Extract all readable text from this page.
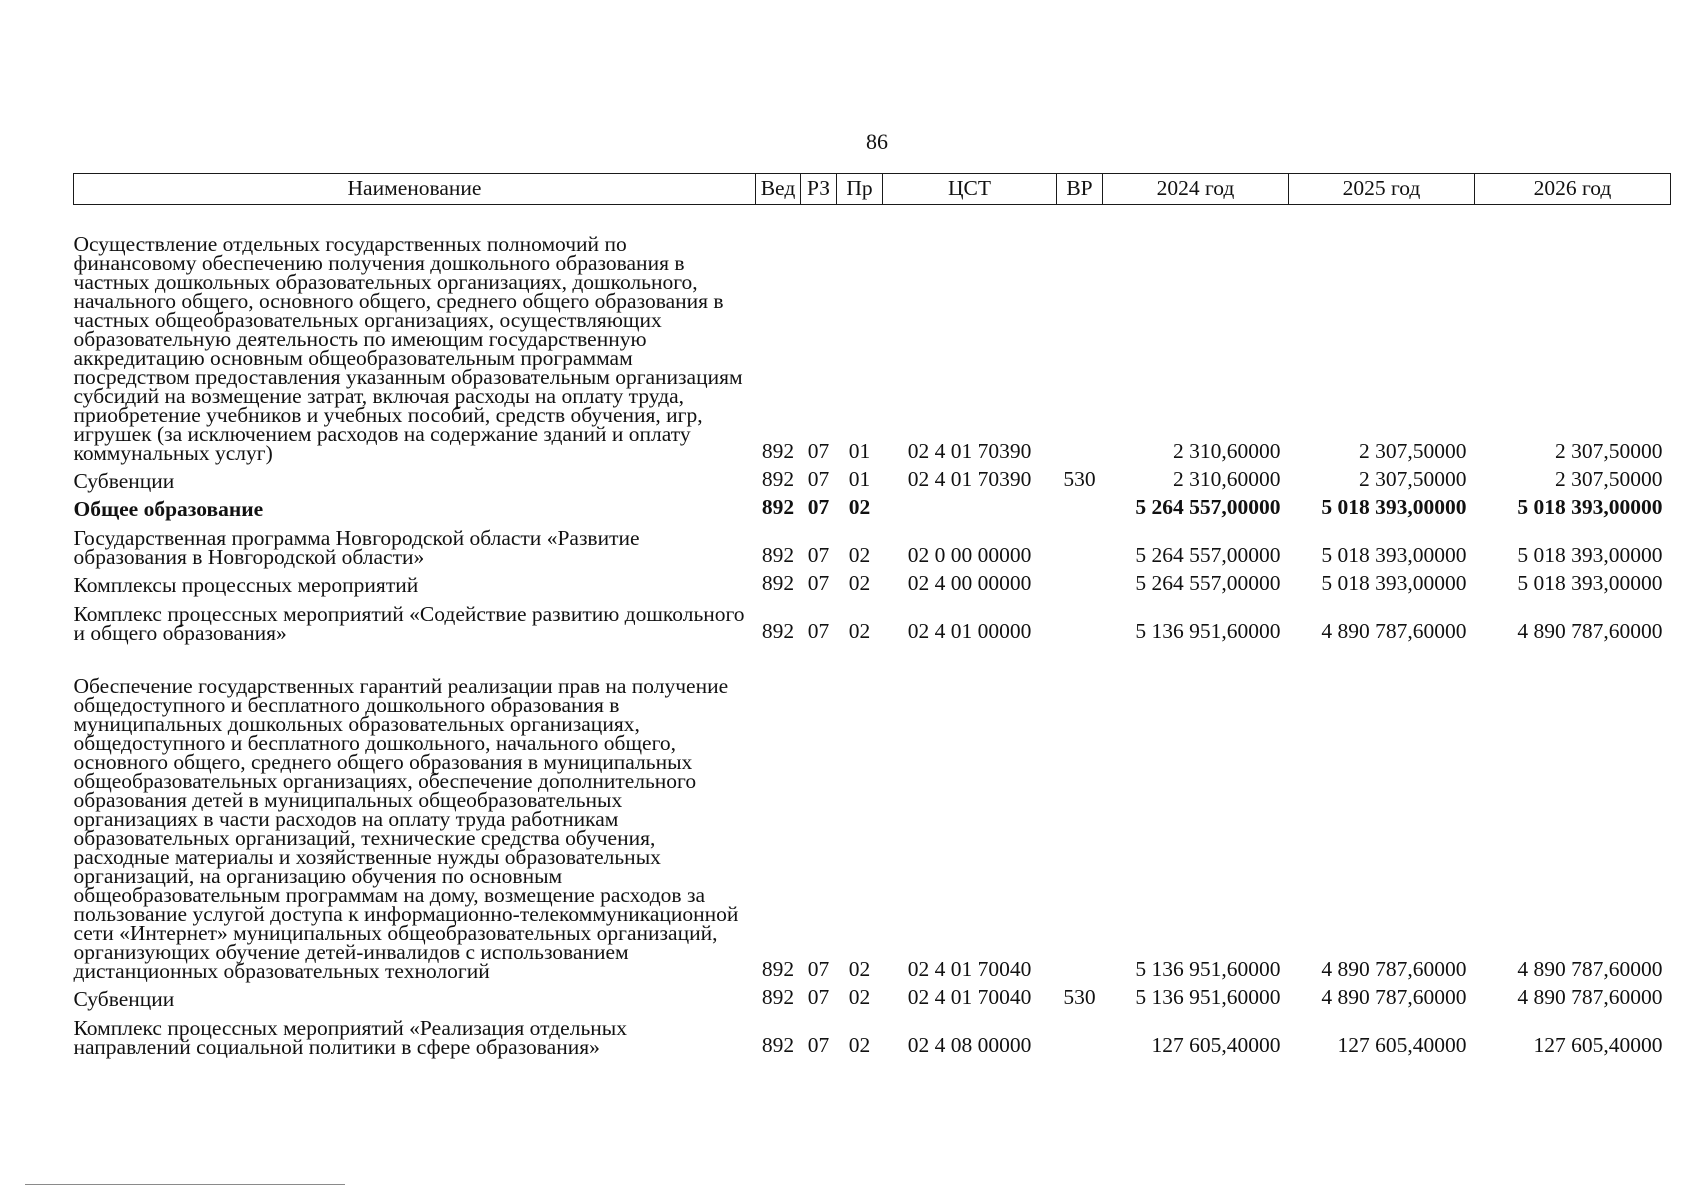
86
Наименование	Вед	РЗ	Пр	ЦСТ	ВР	2024 год	2025 год	2026 год
Осуществление отдельных государственных полномочий по финансовому обеспечению получения дошкольного образования в частных дошкольных образовательных организациях, дошкольного, начального общего, основного общего, среднего общего образования в частных общеобразовательных организациях, осуществляющих образовательную деятельность по имеющим государственную аккредитацию основным общеобразовательным программам посредством предоставления указанным образовательным организациям субсидий на возмещение затрат, включая расходы на оплату труда, приобретение учебников и учебных пособий, средств обучения, игр, игрушек (за исключением расходов на содержание зданий и оплату коммунальных услуг)	892	07	01	02 4 01 70390		2 310,60000	2 307,50000	2 307,50000
Субвенции	892	07	01	02 4 01 70390	530	2 310,60000	2 307,50000	2 307,50000
Общее образование	892	07	02			5 264 557,00000	5 018 393,00000	5 018 393,00000
Государственная программа Новгородской области «Развитие образования в Новгородской области»	892	07	02	02 0 00 00000		5 264 557,00000	5 018 393,00000	5 018 393,00000
Комплексы процессных мероприятий	892	07	02	02 4 00 00000		5 264 557,00000	5 018 393,00000	5 018 393,00000
Комплекс процессных мероприятий «Содействие развитию дошкольного и общего образования»	892	07	02	02 4 01 00000		5 136 951,60000	4 890 787,60000	4 890 787,60000
Обеспечение государственных гарантий реализации прав на получение общедоступного и бесплатного дошкольного образования в муниципальных дошкольных образовательных организациях, общедоступного и бесплатного дошкольного, начального общего, основного общего, среднего общего образования в муниципальных общеобразовательных организациях, обеспечение дополнительного образования детей в муниципальных общеобразовательных организациях в части расходов на оплату труда работникам образовательных организаций, технические средства обучения, расходные материалы и хозяйственные нужды образовательных организаций, на организацию обучения по основным общеобразовательным программам на дому, возмещение расходов за пользование услугой доступа к информационно-телекоммуникационной сети «Интернет» муниципальных общеобразовательных организаций, организующих обучение детей-инвалидов с использованием дистанционных образовательных технологий	892	07	02	02 4 01 70040		5 136 951,60000	4 890 787,60000	4 890 787,60000
Субвенции	892	07	02	02 4 01 70040	530	5 136 951,60000	4 890 787,60000	4 890 787,60000
Комплекс процессных мероприятий «Реализация отдельных направлений социальной политики в сфере образования»	892	07	02	02 4 08 00000		127 605,40000	127 605,40000	127 605,40000
